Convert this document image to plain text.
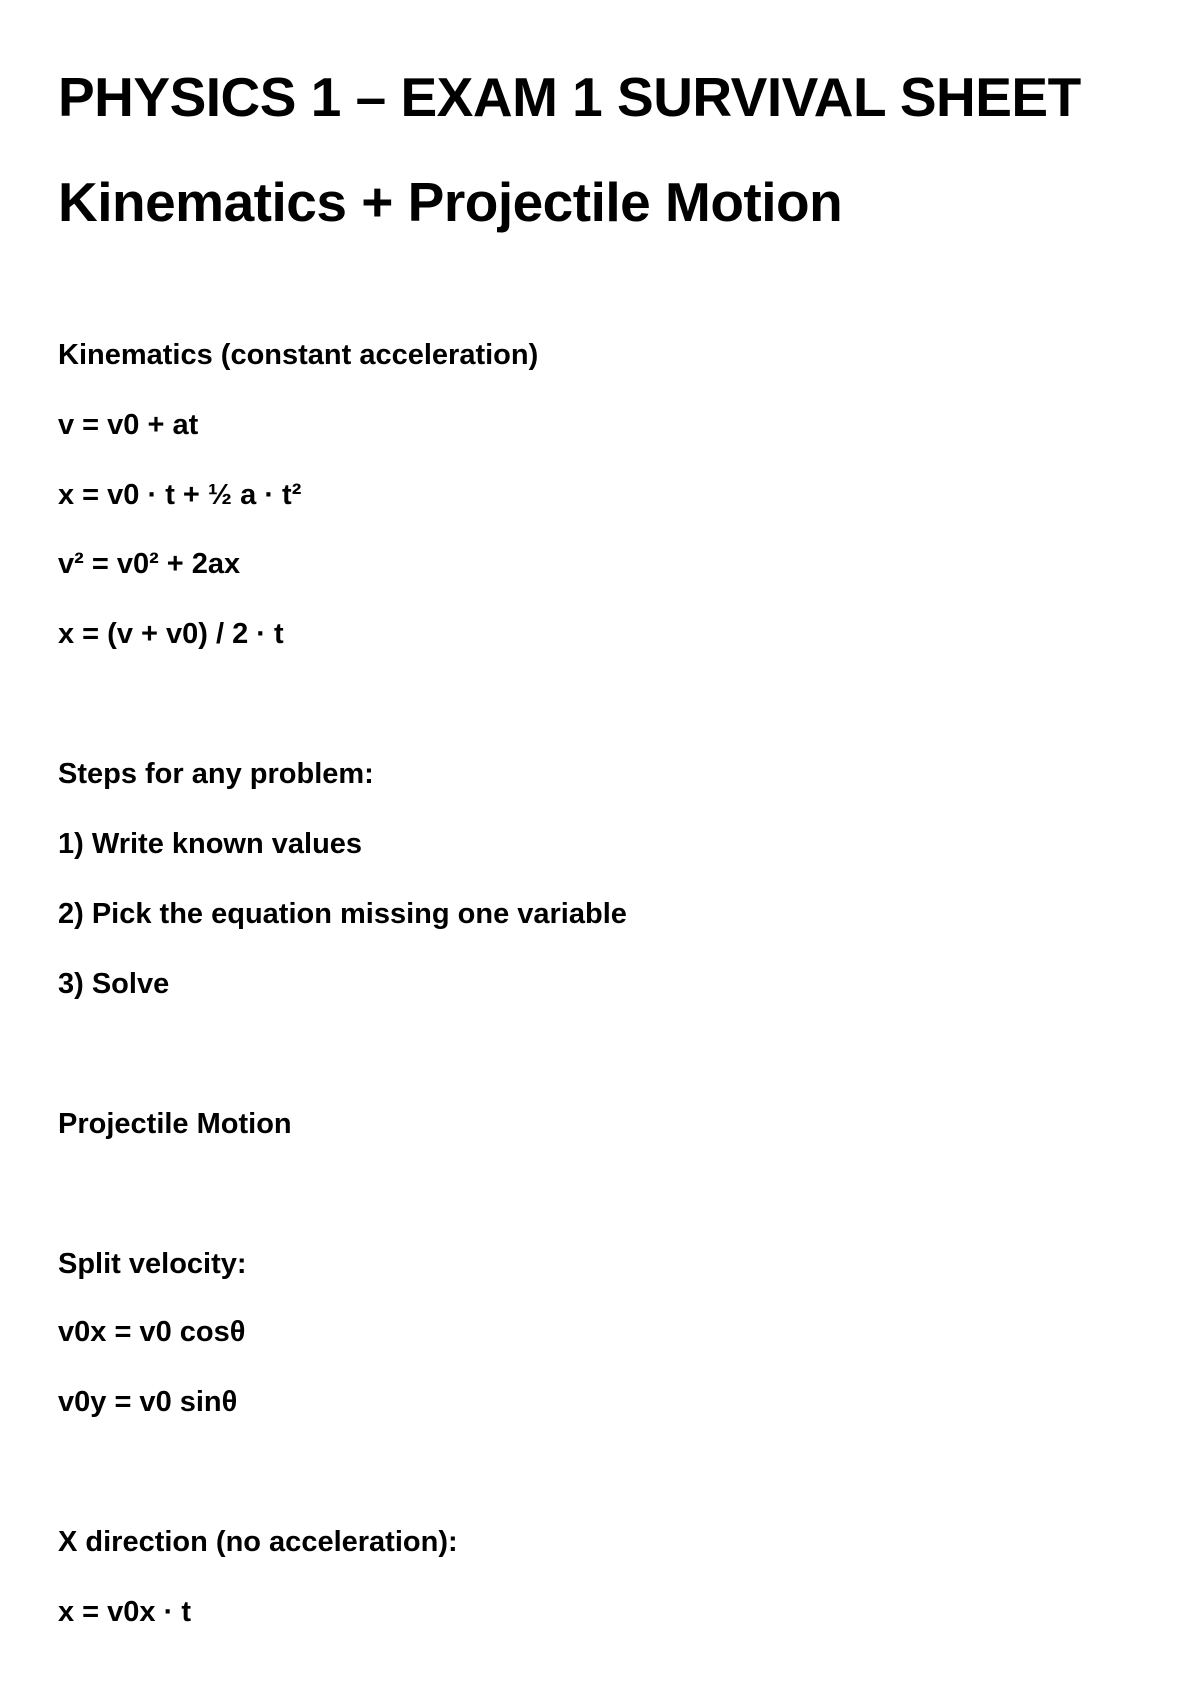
PHYSICS 1 – EXAM 1 SURVIVAL SHEET
Kinematics + Projectile Motion
Kinematics (constant acceleration)
v = v0 + at
x = v0 · t + ½ a · t²
v² = v0² + 2ax
x = (v + v0) / 2 · t
Steps for any problem:
1) Write known values
2) Pick the equation missing one variable
3) Solve
Projectile Motion
Split velocity:
v0x = v0 cosθ
v0y = v0 sinθ
X direction (no acceleration):
x = v0x · t
